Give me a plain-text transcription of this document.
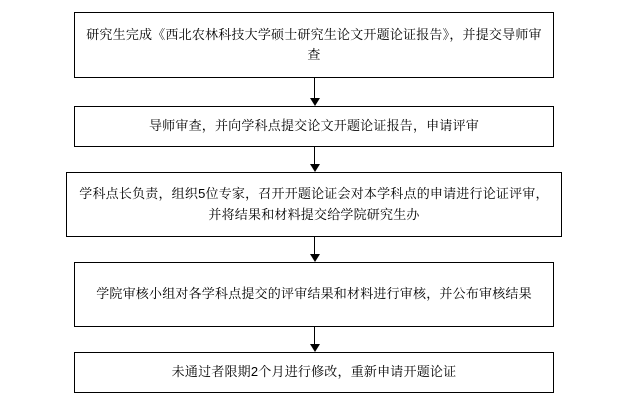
研究生完成《西北农林科技大学硕士研究生论文开题论证报告》，并提交导师审查
导师审查，并向学科点提交论文开题论证报告，申请评审
学科点长负责，组织5位专家，召开开题论证会对本学科点的申请进行论证评审，并将结果和材料提交给学院研究生办
学院审核小组对各学科点提交的评审结果和材料进行审核，并公布审核结果
未通过者限期2个月进行修改，重新申请开题论证
